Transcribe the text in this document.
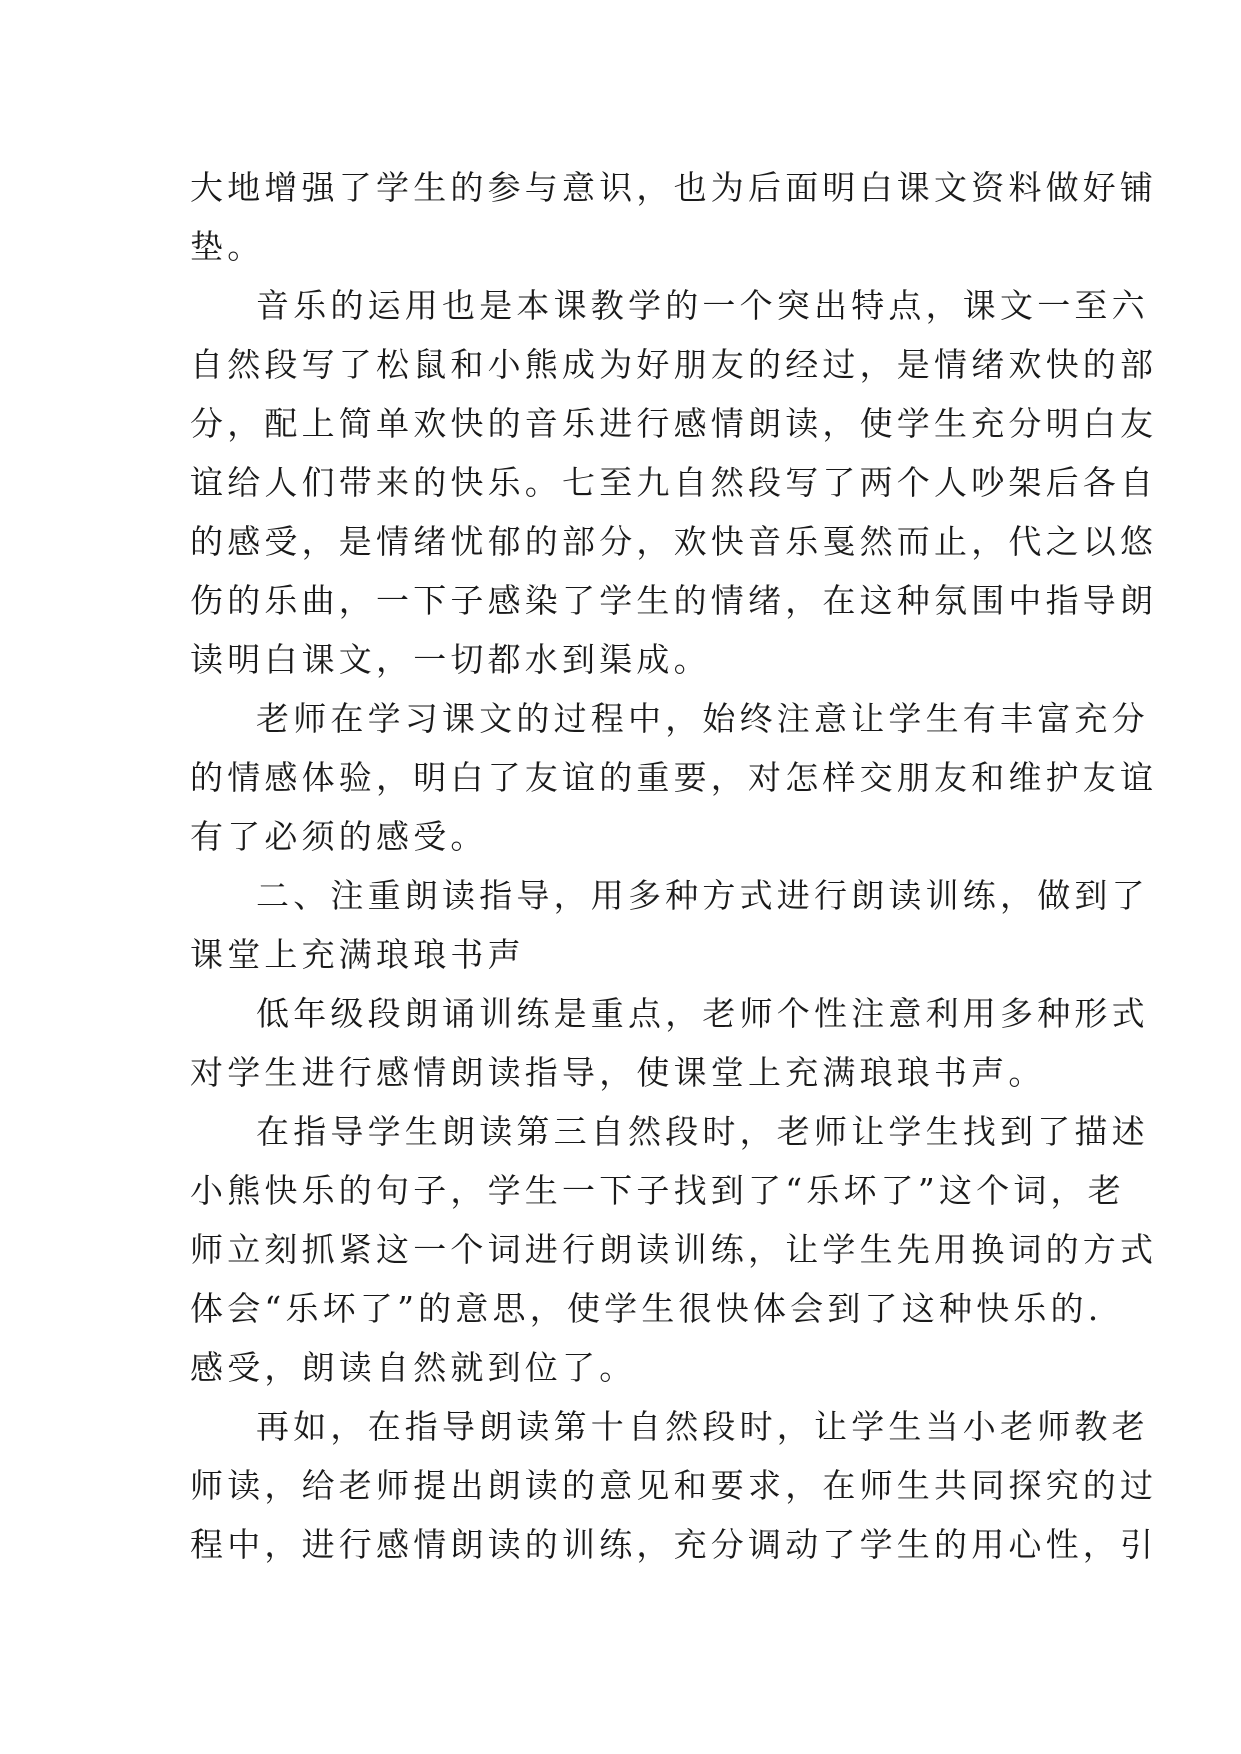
大地增强了学生的参与意识，也为后面明白课文资料做好铺
垫。
音乐的运用也是本课教学的一个突出特点，课文一至六
自然段写了松鼠和小熊成为好朋友的经过，是情绪欢快的部
分，配上简单欢快的音乐进行感情朗读，使学生充分明白友
谊给人们带来的快乐。七至九自然段写了两个人吵架后各自
的感受，是情绪忧郁的部分，欢快音乐戛然而止，代之以悠
伤的乐曲，一下子感染了学生的情绪，在这种氛围中指导朗
读明白课文，一切都水到渠成。
老师在学习课文的过程中，始终注意让学生有丰富充分
的情感体验，明白了友谊的重要，对怎样交朋友和维护友谊
有了必须的感受。
二、注重朗读指导，用多种方式进行朗读训练，做到了
课堂上充满琅琅书声
低年级段朗诵训练是重点，老师个性注意利用多种形式
对学生进行感情朗读指导，使课堂上充满琅琅书声。
在指导学生朗读第三自然段时，老师让学生找到了描述
小熊快乐的句子，学生一下子找到了“乐坏了”这个词，老
师立刻抓紧这一个词进行朗读训练，让学生先用换词的方式
体会“乐坏了”的意思，使学生很快体会到了这种快乐的.
感受，朗读自然就到位了。
再如，在指导朗读第十自然段时，让学生当小老师教老
师读，给老师提出朗读的意见和要求，在师生共同探究的过
程中，进行感情朗读的训练，充分调动了学生的用心性，引
